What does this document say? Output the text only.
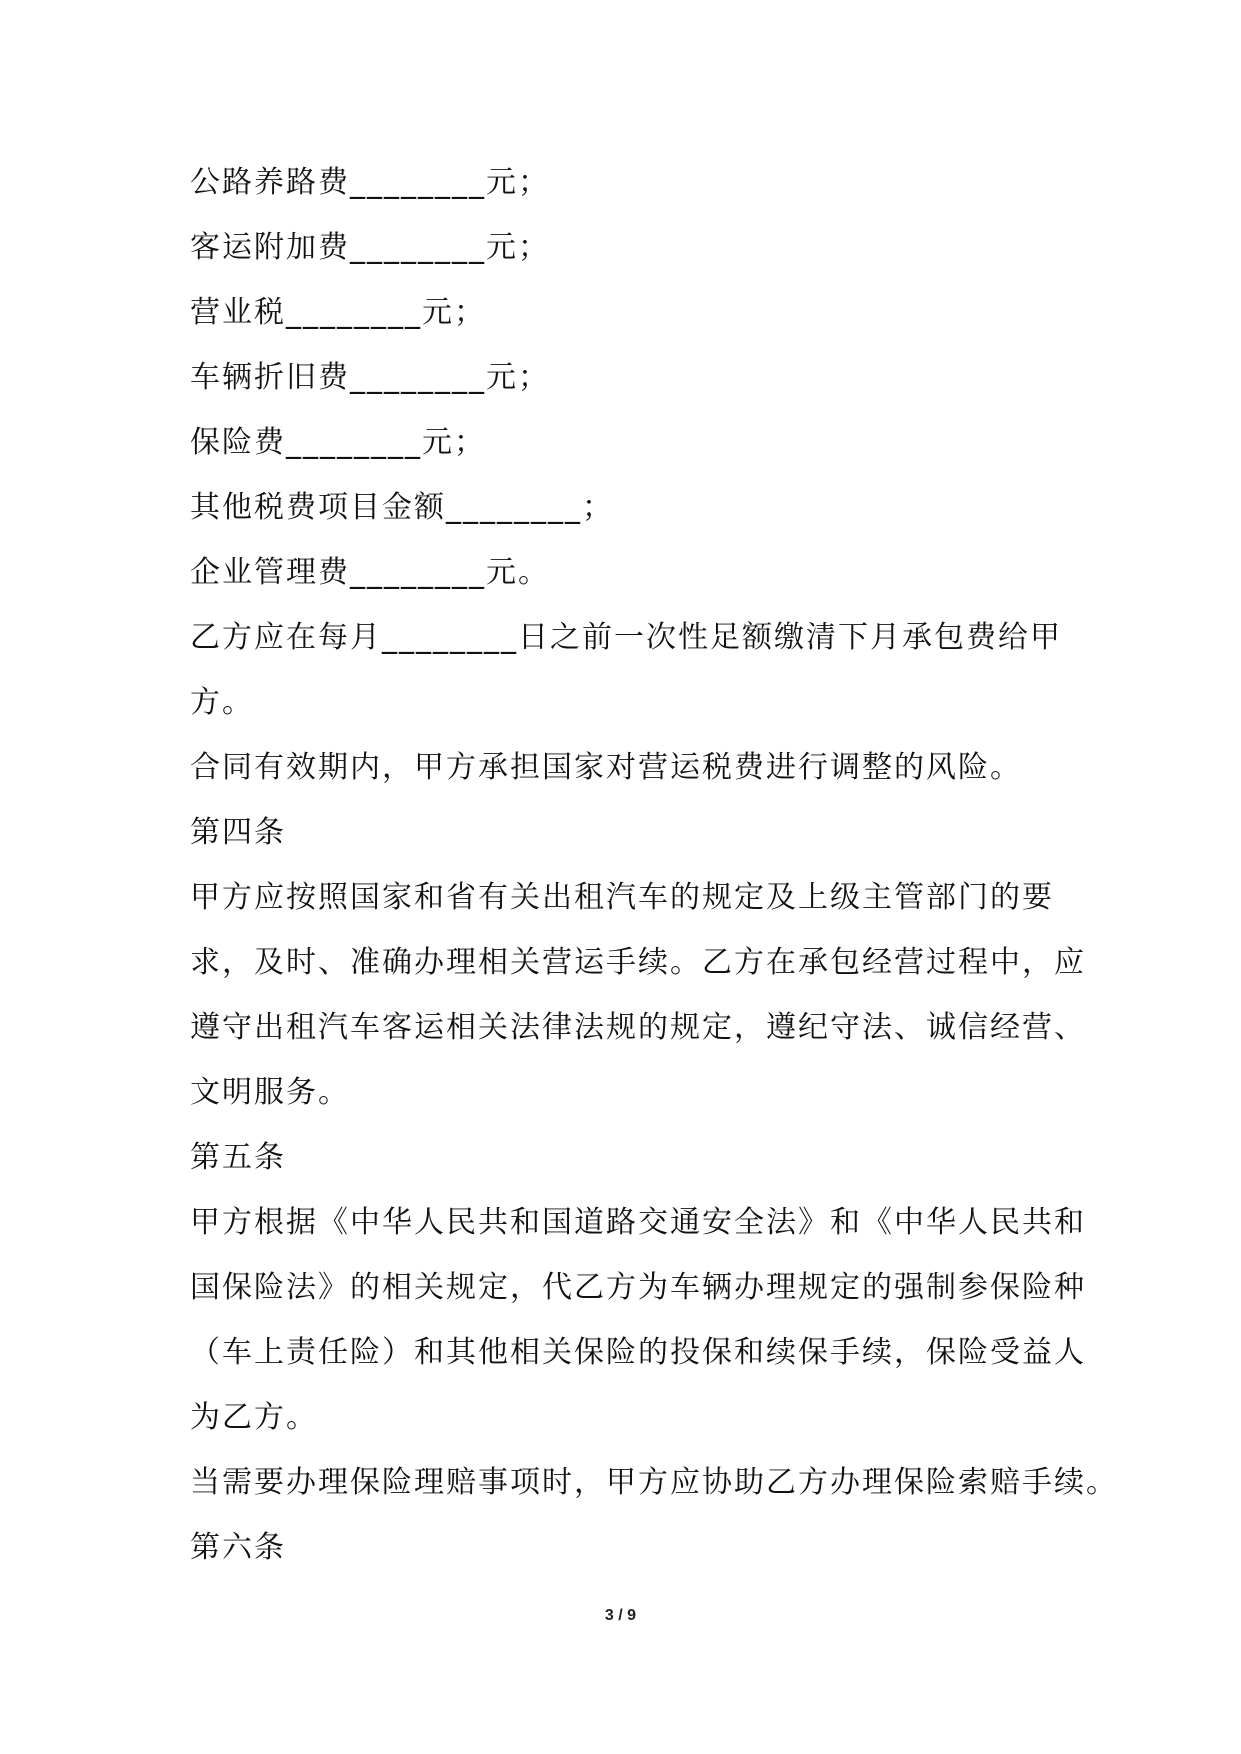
公路养路费________元；
客运附加费________元；
营业税________元；
车辆折旧费________元；
保险费________元；
其他税费项目金额________；
企业管理费________元。
乙方应在每月________日之前一次性足额缴清下月承包费给甲
方。
合同有效期内，甲方承担国家对营运税费进行调整的风险。
第四条
甲方应按照国家和省有关出租汽车的规定及上级主管部门的要
求，及时、准确办理相关营运手续。乙方在承包经营过程中，应
遵守出租汽车客运相关法律法规的规定，遵纪守法、诚信经营、
文明服务。
第五条
甲方根据《中华人民共和国道路交通安全法》和《中华人民共和
国保险法》的相关规定，代乙方为车辆办理规定的强制参保险种
（车上责任险）和其他相关保险的投保和续保手续，保险受益人
为乙方。
当需要办理保险理赔事项时，甲方应协助乙方办理保险索赔手续。
第六条
3 / 9
